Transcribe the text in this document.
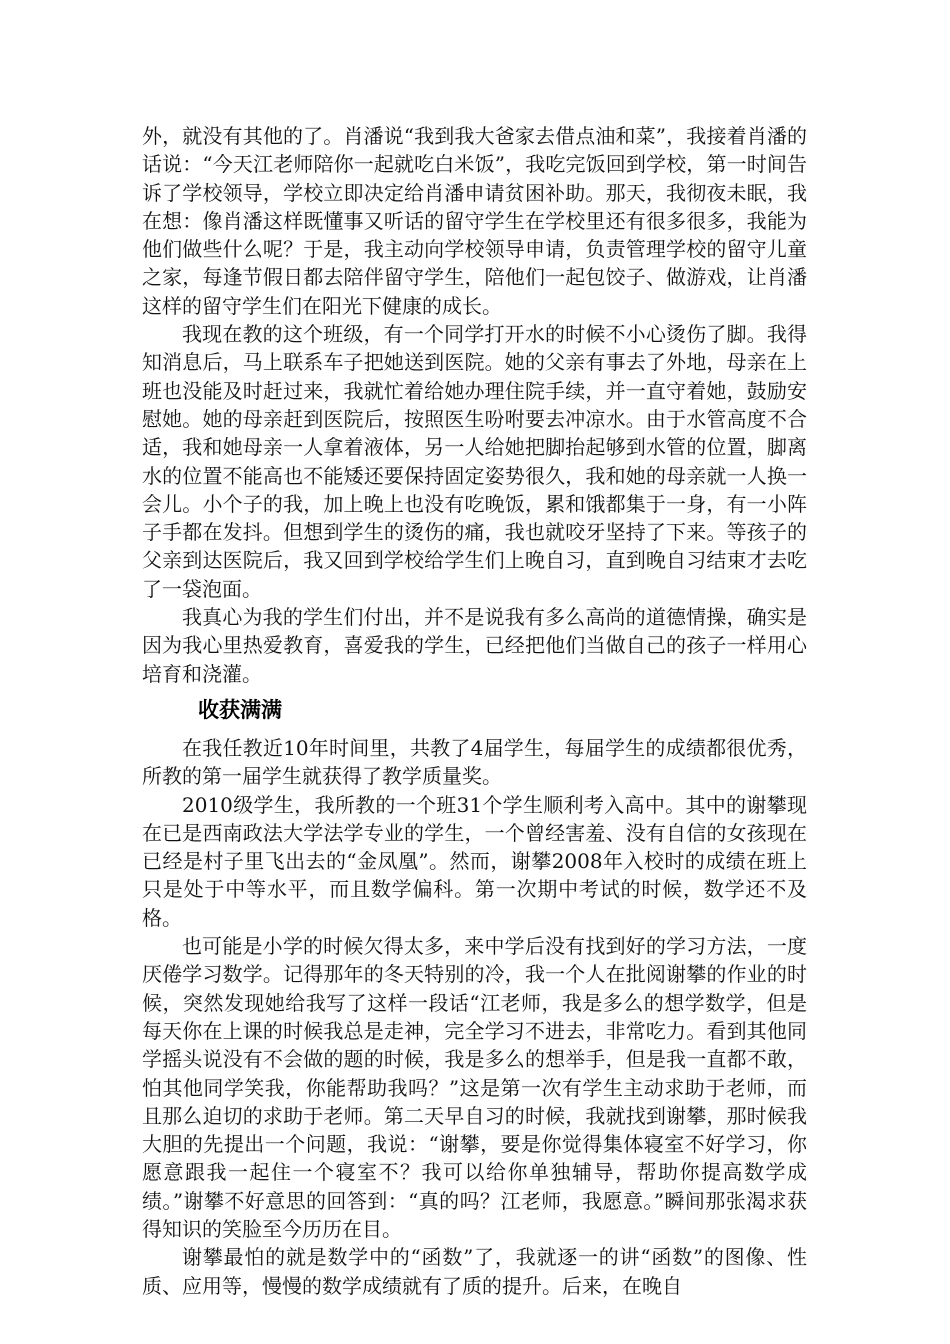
外，就没有其他的了。肖潘说“我到我大爸家去借点油和菜”，我接着肖潘的话说：“今天江老师陪你一起就吃白米饭”，我吃完饭回到学校，第一时间告诉了学校领导，学校立即决定给肖潘申请贫困补助。那天，我彻夜未眠，我在想：像肖潘这样既懂事又听话的留守学生在学校里还有很多很多，我能为他们做些什么呢？于是，我主动向学校领导申请，负责管理学校的留守儿童之家，每逢节假日都去陪伴留守学生，陪他们一起包饺子、做游戏，让肖潘这样的留守学生们在阳光下健康的成长。

我现在教的这个班级，有一个同学打开水的时候不小心烫伤了脚。我得知消息后，马上联系车子把她送到医院。她的父亲有事去了外地，母亲在上班也没能及时赶过来，我就忙着给她办理住院手续，并一直守着她，鼓励安慰她。她的母亲赶到医院后，按照医生吩咐要去冲凉水。由于水管高度不合适，我和她母亲一人拿着液体，另一人给她把脚抬起够到水管的位置，脚离水的位置不能高也不能矮还要保持固定姿势很久，我和她的母亲就一人换一会儿。小个子的我，加上晚上也没有吃晚饭，累和饿都集于一身，有一小阵子手都在发抖。但想到学生的烫伤的痛，我也就咬牙坚持了下来。等孩子的父亲到达医院后，我又回到学校给学生们上晚自习，直到晚自习结束才去吃了一袋泡面。

我真心为我的学生们付出，并不是说我有多么高尚的道德情操，确实是因为我心里热爱教育，喜爱我的学生，已经把他们当做自己的孩子一样用心培育和浇灌。

收获满满

在我任教近10年时间里，共教了4届学生，每届学生的成绩都很优秀，所教的第一届学生就获得了教学质量奖。

2010级学生，我所教的一个班31个学生顺利考入高中。其中的谢攀现在已是西南政法大学法学专业的学生，一个曾经害羞、没有自信的女孩现在已经是村子里飞出去的“金凤凰”。然而，谢攀2008年入校时的成绩在班上只是处于中等水平，而且数学偏科。第一次期中考试的时候，数学还不及格。

也可能是小学的时候欠得太多，来中学后没有找到好的学习方法，一度厌倦学习数学。记得那年的冬天特别的冷，我一个人在批阅谢攀的作业的时候，突然发现她给我写了这样一段话“江老师，我是多么的想学数学，但是每天你在上课的时候我总是走神，完全学习不进去，非常吃力。看到其他同学摇头说没有不会做的题的时候，我是多么的想举手，但是我一直都不敢，怕其他同学笑我，你能帮助我吗？”这是第一次有学生主动求助于老师，而且那么迫切的求助于老师。第二天早自习的时候，我就找到谢攀，那时候我大胆的先提出一个问题，我说：“谢攀，要是你觉得集体寝室不好学习，你愿意跟我一起住一个寝室不？我可以给你单独辅导，帮助你提高数学成绩。”谢攀不好意思的回答到：“真的吗？江老师，我愿意。”瞬间那张渴求获得知识的笑脸至今历历在目。

谢攀最怕的就是数学中的“函数”了，我就逐一的讲“函数”的图像、性质、应用等，慢慢的数学成绩就有了质的提升。后来，在晚自
